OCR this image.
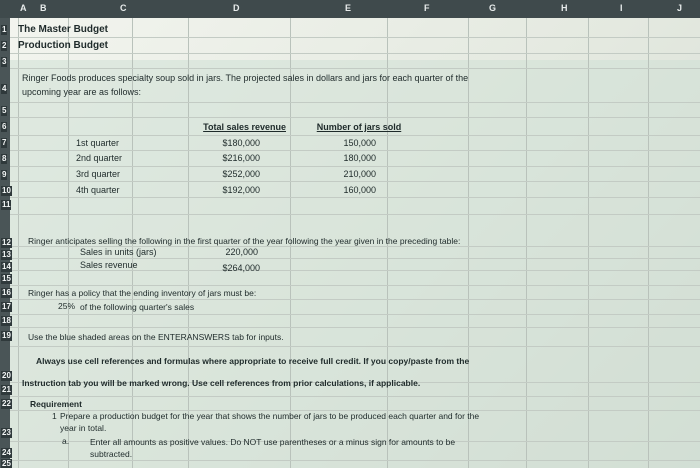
A B	C	D	E	F	G	H	I	J
1
2
3
4
5
6
7
8
9
10
11
12
13
14
15
16
17
18
19
20
21
22
23
24
25
The Master Budget
Production Budget
Ringer Foods produces specialty soup sold in jars. The projected sales in dollars and jars for each quarter of the
upcoming year are as follows:
Total sales revenue	Number of jars sold
1st quarter	$180,000	150,000
2nd quarter	$216,000	180,000
3rd quarter	$252,000	210,000
4th quarter	$192,000	160,000
Ringer anticipates selling the following in the first quarter of the year following the year given in the preceding table:
Sales in units (jars)	220,000
Sales revenue	$264,000
Ringer has a policy that the ending inventory of jars must be:
25% of the following quarter's sales
Use the blue shaded areas on the ENTERANSWERS tab for inputs.
Always use cell references and formulas where appropriate to receive full credit. If you copy/paste from the
Instruction tab you will be marked wrong. Use cell references from prior calculations, if applicable.
Requirement
1 Prepare a production budget for the year that shows the number of jars to be produced each quarter and for the
year in total.
a. Enter all amounts as positive values. Do NOT use parentheses or a minus sign for amounts to be
subtracted.
